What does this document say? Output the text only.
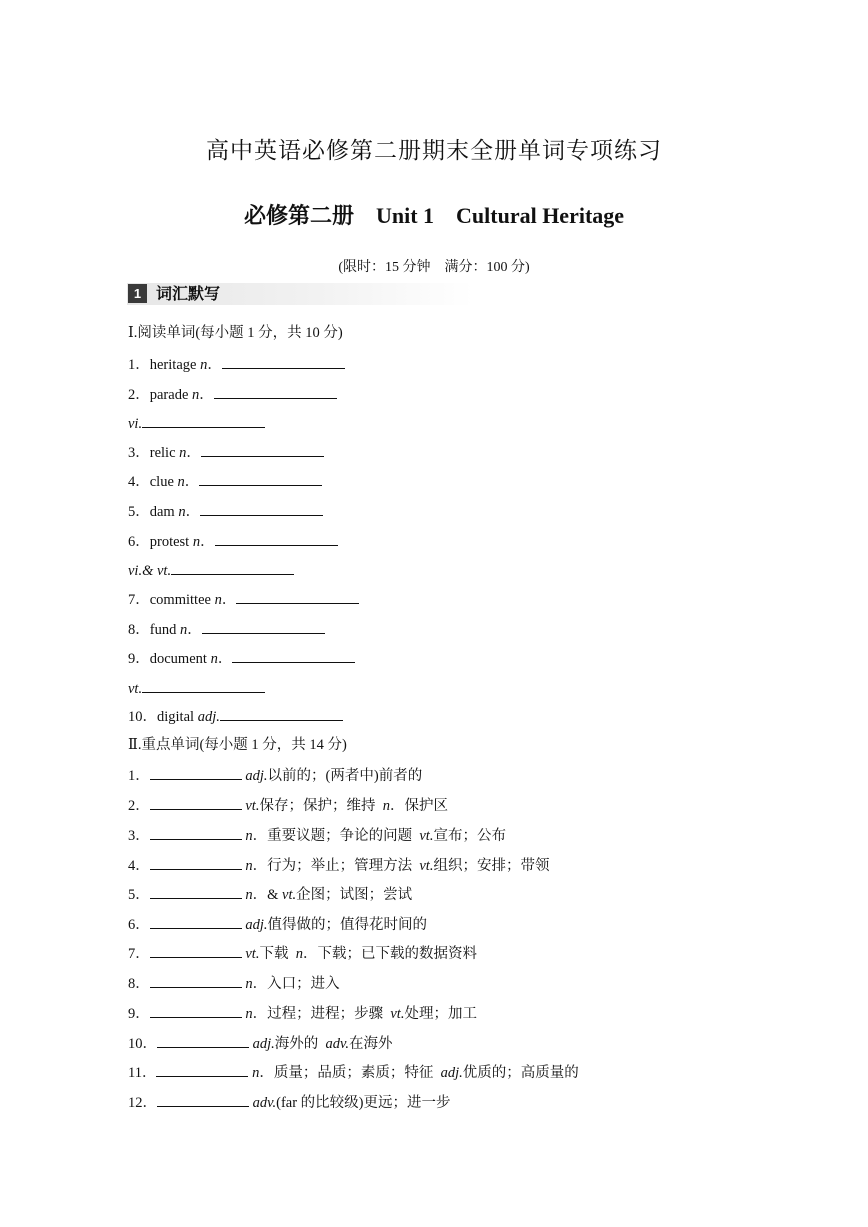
高中英语必修第二册期末全册单词专项练习
必修第二册 Unit 1 Cultural Heritage
(限时：15 分钟　满分：100 分)
1 词汇默写
Ⅰ.阅读单词(每小题 1 分，共 10 分)
1．heritage n．
2．parade n．
vi.
3．relic n．
4．clue n．
5．dam n．
6．protest n．
vi.& vt.
7．committee n．
8．fund n．
9．document n．
vt.
10．digital adj.
Ⅱ.重点单词(每小题 1 分，共 14 分)
1．	adj.以前的；(两者中)前者的
2．	vt.保存；保护；维持 n．保护区
3．	n．重要议题；争论的问题 vt.宣布；公布
4．	n．行为；举止；管理方法 vt.组织；安排；带领
5．	n．& vt.企图；试图；尝试
6．	adj.值得做的；值得花时间的
7．	vt.下载 n．下载；已下载的数据资料
8．	n．入口；进入
9．	n．过程；进程；步骤 vt.处理；加工
10．	adj.海外的 adv.在海外
11．	n．质量；品质；素质；特征 adj.优质的；高质量的
12．	adv.(far 的比较级)更远；进一步
